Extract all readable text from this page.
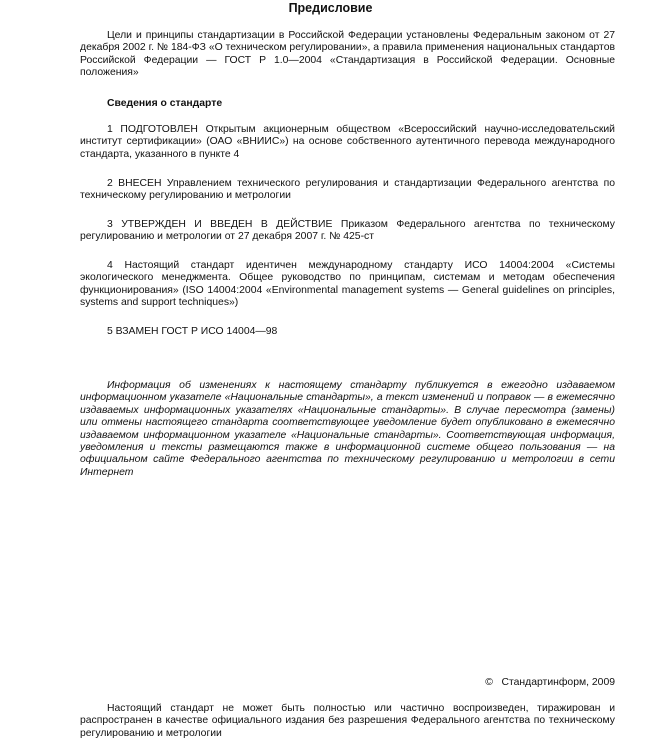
Предисловие

Цели и принципы стандартизации в Российской Федерации установлены Федеральным законом от 27 декабря 2002 г. № 184-ФЗ «О техническом регулировании», а правила применения национальных стандартов Российской Федерации — ГОСТ Р 1.0—2004 «Стандартизация в Российской Федерации. Основные положения»

Сведения о стандарте

1 ПОДГОТОВЛЕН Открытым акционерным обществом «Всероссийский научно-исследовательский институт сертификации» (ОАО «ВНИИС») на основе собственного аутентичного перевода международного стандарта, указанного в пункте 4

2 ВНЕСЕН Управлением технического регулирования и стандартизации Федерального агентства по техническому регулированию и метрологии

3 УТВЕРЖДЕН И ВВЕДЕН В ДЕЙСТВИЕ Приказом Федерального агентства по техническому регулированию и метрологии от 27 декабря 2007 г. № 425-ст

4 Настоящий стандарт идентичен международному стандарту ИСО 14004:2004 «Системы экологического менеджмента. Общее руководство по принципам, системам и методам обеспечения функционирования» (ISO 14004:2004 «Environmental management systems — General guidelines on principles, systems and support techniques»)

5 ВЗАМЕН ГОСТ Р ИСО 14004—98

Информация об изменениях к настоящему стандарту публикуется в ежегодно издаваемом информационном указателе «Национальные стандарты», а текст изменений и поправок — в ежемесячно издаваемых информационных указателях «Национальные стандарты». В случае пересмотра (замены) или отмены настоящего стандарта соответствующее уведомление будет опубликовано в ежемесячно издаваемом информационном указателе «Национальные стандарты». Соответствующая информация, уведомления и тексты размещаются также в информационной системе общего пользования — на официальном сайте Федерального агентства по техническому регулированию и метрологии в сети Интернет

©   Стандартинформ, 2009

Настоящий стандарт не может быть полностью или частично воспроизведен, тиражирован и распространен в качестве официального издания без разрешения Федерального агентства по техническому регулированию и метрологии
